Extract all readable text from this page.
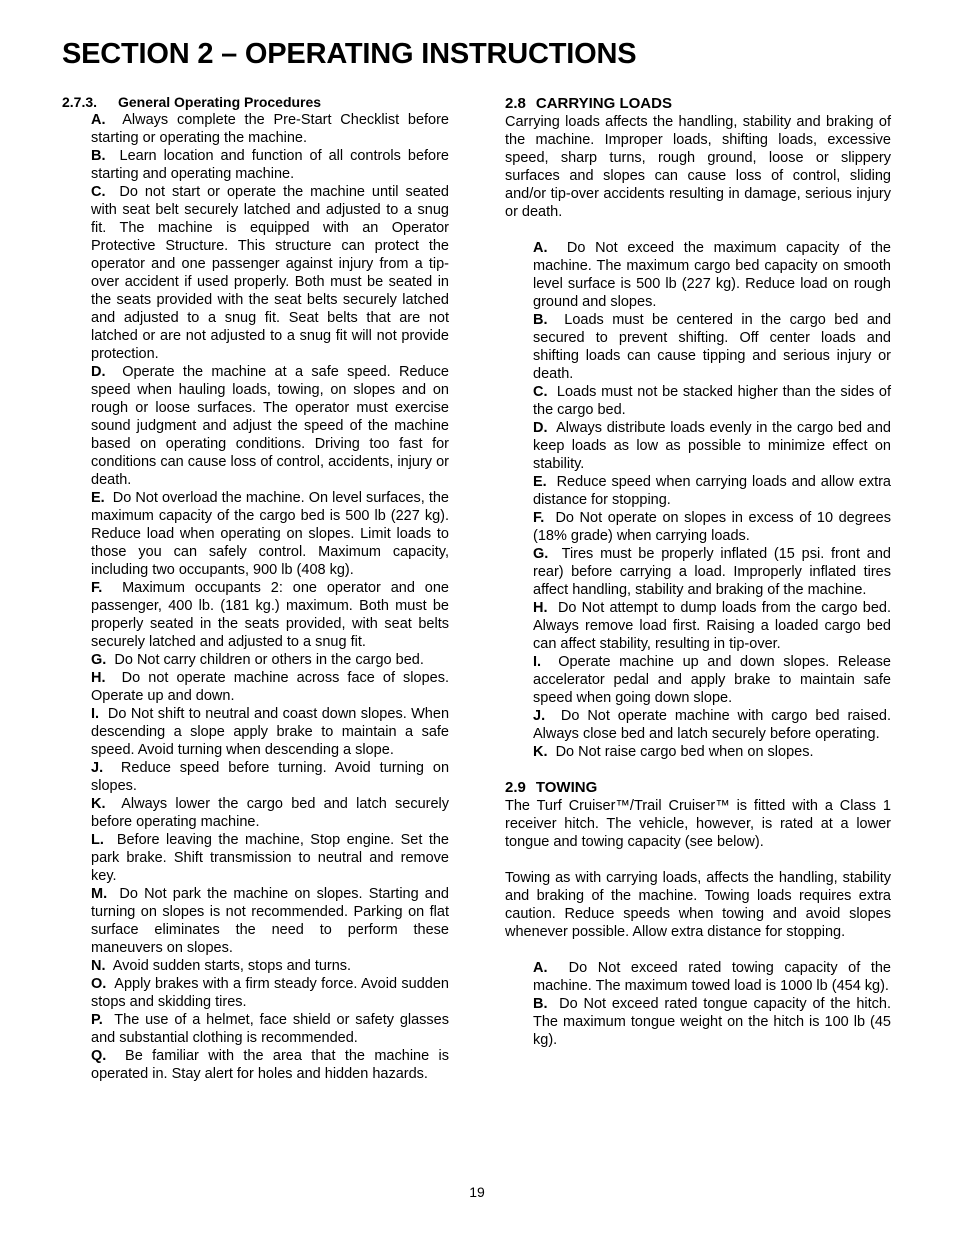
SECTION 2 – OPERATING INSTRUCTIONS

2.7.3. General Operating Procedures

A. Always complete the Pre-Start Checklist before starting or operating the machine.
B. Learn location and function of all controls before starting and operating machine.
C. Do not start or operate the machine until seated with seat belt securely latched and adjusted to a snug fit. The machine is equipped with an Operator Protective Structure. This structure can protect the operator and one passenger against injury from a tip-over accident if used properly. Both must be seated in the seats provided with the seat belts securely latched and adjusted to a snug fit. Seat belts that are not latched or are not adjusted to a snug fit will not provide protection.
D. Operate the machine at a safe speed. Reduce speed when hauling loads, towing, on slopes and on rough or loose surfaces. The operator must exercise sound judgment and adjust the speed of the machine based on operating conditions. Driving too fast for conditions can cause loss of control, accidents, injury or death.
E. Do Not overload the machine. On level surfaces, the maximum capacity of the cargo bed is 500 lb (227 kg). Reduce load when operating on slopes. Limit loads to those you can safely control. Maximum capacity, including two occupants, 900 lb (408 kg).
F. Maximum occupants 2: one operator and one passenger, 400 lb. (181 kg.) maximum. Both must be properly seated in the seats provided, with seat belts securely latched and adjusted to a snug fit.
G. Do Not carry children or others in the cargo bed.
H. Do not operate machine across face of slopes. Operate up and down.
I. Do Not shift to neutral and coast down slopes. When descending a slope apply brake to maintain a safe speed. Avoid turning when descending a slope.
J. Reduce speed before turning. Avoid turning on slopes.
K. Always lower the cargo bed and latch securely before operating machine.
L. Before leaving the machine, Stop engine. Set the park brake. Shift transmission to neutral and remove key.
M. Do Not park the machine on slopes. Starting and turning on slopes is not recommended. Parking on flat surface eliminates the need to perform these maneuvers on slopes.
N. Avoid sudden starts, stops and turns.
O. Apply brakes with a firm steady force. Avoid sudden stops and skidding tires.
P. The use of a helmet, face shield or safety glasses and substantial clothing is recommended.
Q. Be familiar with the area that the machine is operated in. Stay alert for holes and hidden hazards.

2.8 CARRYING LOADS

Carrying loads affects the handling, stability and braking of the machine. Improper loads, shifting loads, excessive speed, sharp turns, rough ground, loose or slippery surfaces and slopes can cause loss of control, sliding and/or tip-over accidents resulting in damage, serious injury or death.

A. Do Not exceed the maximum capacity of the machine. The maximum cargo bed capacity on smooth level surface is 500 lb (227 kg). Reduce load on rough ground and slopes.
B. Loads must be centered in the cargo bed and secured to prevent shifting. Off center loads and shifting loads can cause tipping and serious injury or death.
C. Loads must not be stacked higher than the sides of the cargo bed.
D. Always distribute loads evenly in the cargo bed and keep loads as low as possible to minimize effect on stability.
E. Reduce speed when carrying loads and allow extra distance for stopping.
F. Do Not operate on slopes in excess of 10 degrees (18% grade) when carrying loads.
G. Tires must be properly inflated (15 psi. front and rear) before carrying a load. Improperly inflated tires affect handling, stability and braking of the machine.
H. Do Not attempt to dump loads from the cargo bed. Always remove load first. Raising a loaded cargo bed can affect stability, resulting in tip-over.
I. Operate machine up and down slopes. Release accelerator pedal and apply brake to maintain safe speed when going down slope.
J. Do Not operate machine with cargo bed raised. Always close bed and latch securely before operating.
K. Do Not raise cargo bed when on slopes.

2.9 TOWING

The Turf Cruiser™/Trail Cruiser™ is fitted with a Class 1 receiver hitch. The vehicle, however, is rated at a lower tongue and towing capacity (see below).

Towing as with carrying loads, affects the handling, stability and braking of the machine. Towing loads requires extra caution. Reduce speeds when towing and avoid slopes whenever possible. Allow extra distance for stopping.

A. Do Not exceed rated towing capacity of the machine. The maximum towed load is 1000 lb (454 kg).
B. Do Not exceed rated tongue capacity of the hitch. The maximum tongue weight on the hitch is 100 lb (45 kg).
19
